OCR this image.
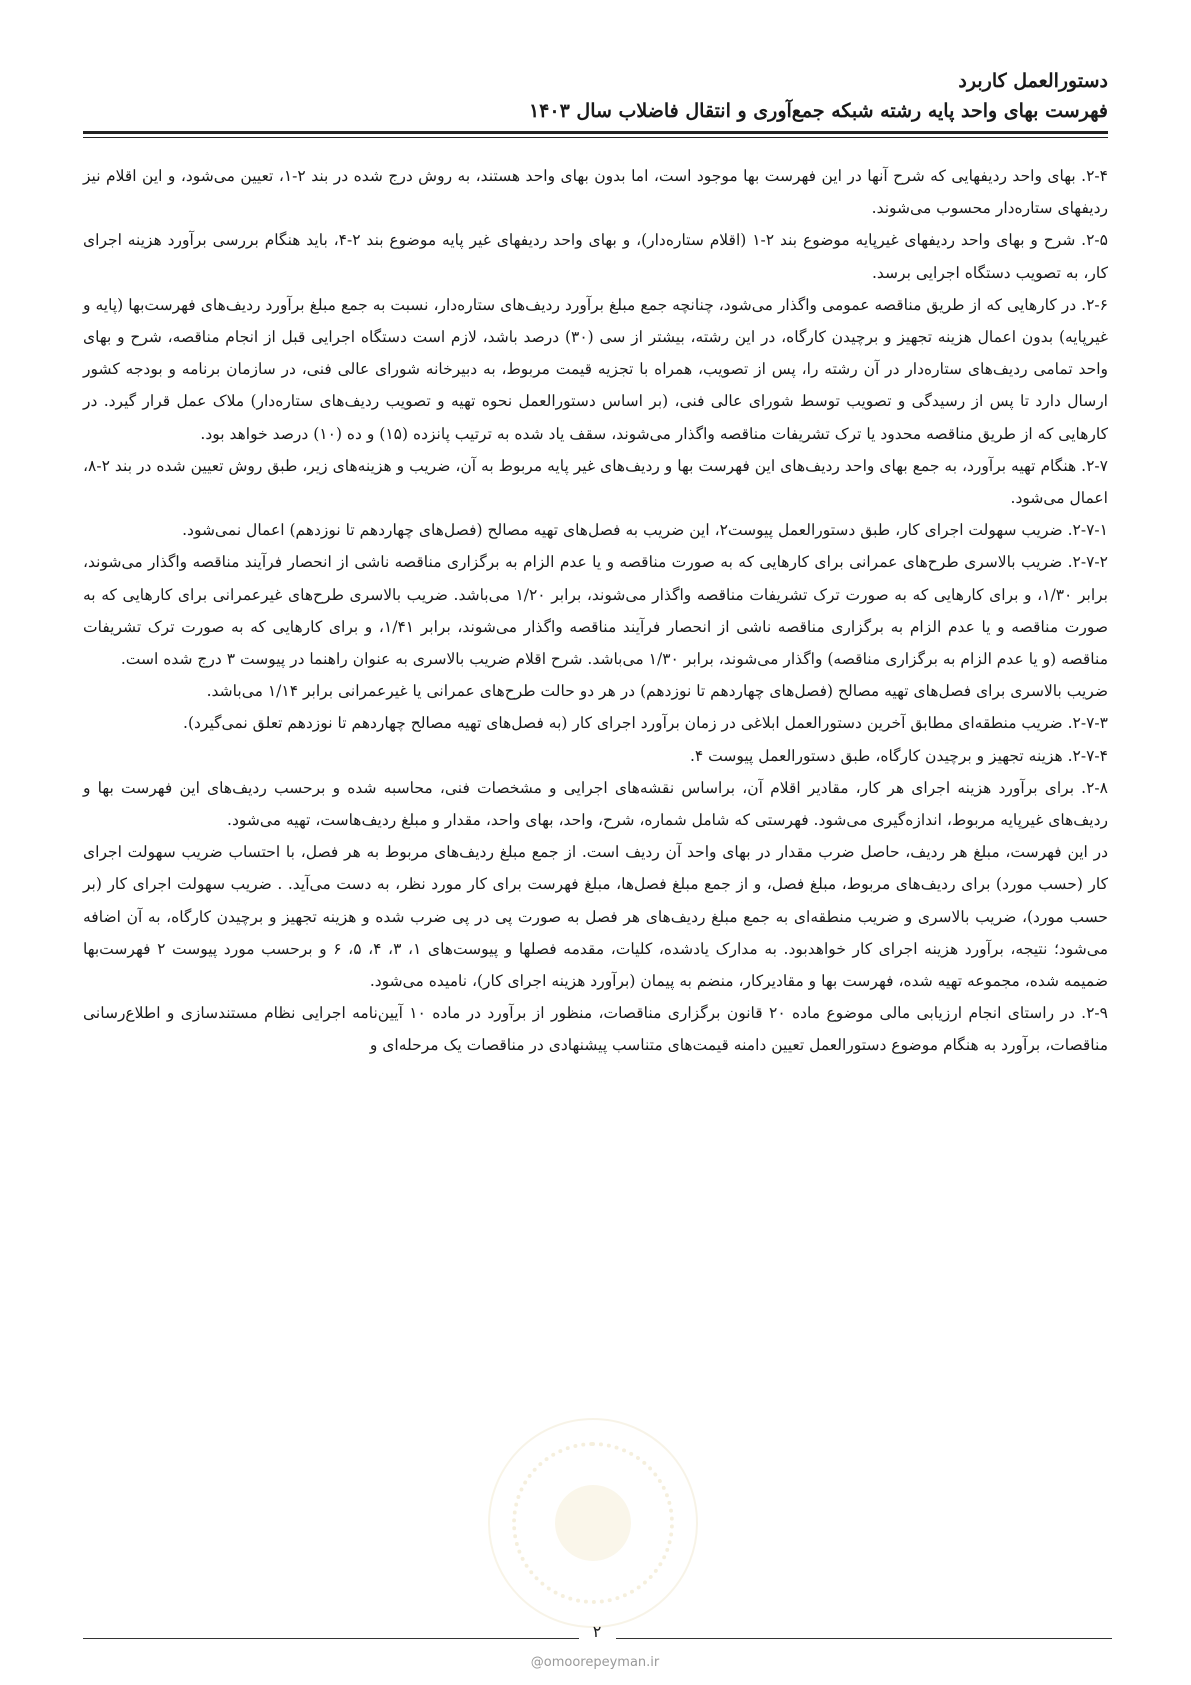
دستورالعمل کاربرد
فهرست بهای واحد پایه رشته شبکه جمع‌آوری و انتقال فاضلاب سال ۱۴۰۳

۲-۴. بهای واحد ردیفهایی که شرح آنها در این فهرست بها موجود است، اما بدون بهای واحد هستند، به روش درج شده در بند ۲-۱، تعیین می‌شود، و این اقلام نیز ردیفهای ستاره‌دار محسوب می‌شوند.

۲-۵. شرح و بهای واحد ردیفهای غیرپایه موضوع بند ۲-۱ (اقلام ستاره‌دار)، و بهای واحد ردیفهای غیر پایه موضوع بند ۲-۴، باید هنگام بررسی برآورد هزینه اجرای کار، به تصویب دستگاه اجرایی برسد.

۲-۶. در کارهایی که از طریق مناقصه عمومی واگذار می‌شود، چنانچه جمع مبلغ برآورد ردیف‌های ستاره‌دار، نسبت به جمع مبلغ برآورد ردیف‌های فهرست‌بها (پایه و غیرپایه) بدون اعمال هزینه تجهیز و برچیدن کارگاه، در این رشته، بیشتر از سی (۳۰) درصد باشد، لازم است دستگاه اجرایی قبل از انجام مناقصه، شرح و بهای واحد تمامی ردیف‌های ستاره‌دار در آن رشته را، پس از تصویب، همراه با تجزیه قیمت مربوط، به دبیرخانه شورای عالی فنی، در سازمان برنامه و بودجه کشور ارسال دارد تا پس از رسیدگی و تصویب توسط شورای عالی فنی، (بر اساس دستورالعمل نحوه تهیه و تصویب ردیف‌های ستاره‌دار) ملاک عمل قرار گیرد. در کارهایی که از طریق مناقصه محدود یا ترک تشریفات مناقصه واگذار می‌شوند، سقف یاد شده به ترتیب پانزده (۱۵) و ده (۱۰) درصد خواهد بود.

۲-۷. هنگام تهیه برآورد، به جمع بهای واحد ردیف‌های این فهرست بها و ردیف‌های غیر پایه مربوط به آن، ضریب و هزینه‌های زیر، طبق روش تعیین شده در بند ۲-۸، اعمال می‌شود.

۲-۷-۱. ضریب سهولت اجرای کار، طبق دستورالعمل پیوست۲، این ضریب به فصل‌های تهیه مصالح (فصل‌های چهاردهم تا نوزدهم) اعمال نمی‌شود.

۲-۷-۲. ضریب بالاسری طرح‌های عمرانی برای کارهایی که به صورت مناقصه و یا عدم الزام به برگزاری مناقصه ناشی از انحصار فرآیند مناقصه واگذار می‌شوند، برابر ۱/۳۰، و برای کارهایی که به صورت ترک تشریفات مناقصه واگذار می‌شوند، برابر ۱/۲۰ می‌باشد. ضریب بالاسری طرح‌های غیرعمرانی برای کارهایی که به صورت مناقصه و یا عدم الزام به برگزاری مناقصه ناشی از انحصار فرآیند مناقصه واگذار می‌شوند، برابر ۱/۴۱، و برای کارهایی که به صورت ترک تشریفات مناقصه (و یا عدم الزام به برگزاری مناقصه) واگذار می‌شوند، برابر ۱/۳۰ می‌باشد. شرح اقلام ضریب بالاسری به عنوان راهنما در پیوست ۳ درج شده است.

ضریب بالاسری برای فصل‌های تهیه مصالح (فصل‌های چهاردهم تا نوزدهم) در هر دو حالت طرح‌های عمرانی یا غیرعمرانی برابر ۱/۱۴ می‌باشد.

۲-۷-۳. ضریب منطقه‌ای مطابق آخرین دستورالعمل ابلاغی در زمان برآورد اجرای کار (به فصل‌های تهیه مصالح چهاردهم تا نوزدهم تعلق نمی‌گیرد).

۲-۷-۴. هزینه تجهیز و برچیدن کارگاه، طبق دستورالعمل پیوست ۴.

۲-۸. برای برآورد هزینه اجرای هر کار، مقادیر اقلام آن، براساس نقشه‌های اجرایی و مشخصات فنی، محاسبه شده و برحسب ردیف‌های این فهرست بها و ردیف‌های غیرپایه مربوط، اندازه‌گیری می‌شود. فهرستی که شامل شماره، شرح، واحد، بهای واحد، مقدار و مبلغ ردیف‌هاست، تهیه می‌شود.

در این فهرست، مبلغ هر ردیف، حاصل ضرب مقدار در بهای واحد آن ردیف است. از جمع مبلغ ردیف‌های مربوط به هر فصل، با احتساب ضریب سهولت اجرای کار (حسب مورد) برای ردیف‌های مربوط، مبلغ فصل، و از جمع مبلغ فصل‌ها، مبلغ فهرست برای کار مورد نظر، به دست می‌آید. . ضریب سهولت اجرای کار (بر حسب مورد)، ضریب بالاسری و ضریب منطقه‌ای به جمع مبلغ ردیف‌های هر فصل به صورت پی در پی ضرب شده و هزینه تجهیز و برچیدن کارگاه، به آن اضافه می‌شود؛ نتیجه، برآورد هزینه اجرای کار خواهدبود. به مدارک یادشده، کلیات، مقدمه فصلها و پیوست‌های ۱، ۳، ۴، ۵، ۶ و برحسب مورد پیوست ۲ فهرست‌بها ضمیمه شده، مجموعه تهیه شده، فهرست بها و مقادیرکار، منضم به پیمان (برآورد هزینه اجرای کار)، نامیده می‌شود.

۲-۹. در راستای انجام ارزیابی مالی موضوع ماده ۲۰ قانون برگزاری مناقصات، منظور از برآورد در ماده ۱۰ آیین‌نامه اجرایی نظام مستندسازی و اطلاع‌رسانی مناقصات، برآورد به هنگام موضوع دستورالعمل تعیین دامنه قیمت‌های متناسب پیشنهادی در مناقصات یک مرحله‌ای و

۲
@omoorepeyman.ir
